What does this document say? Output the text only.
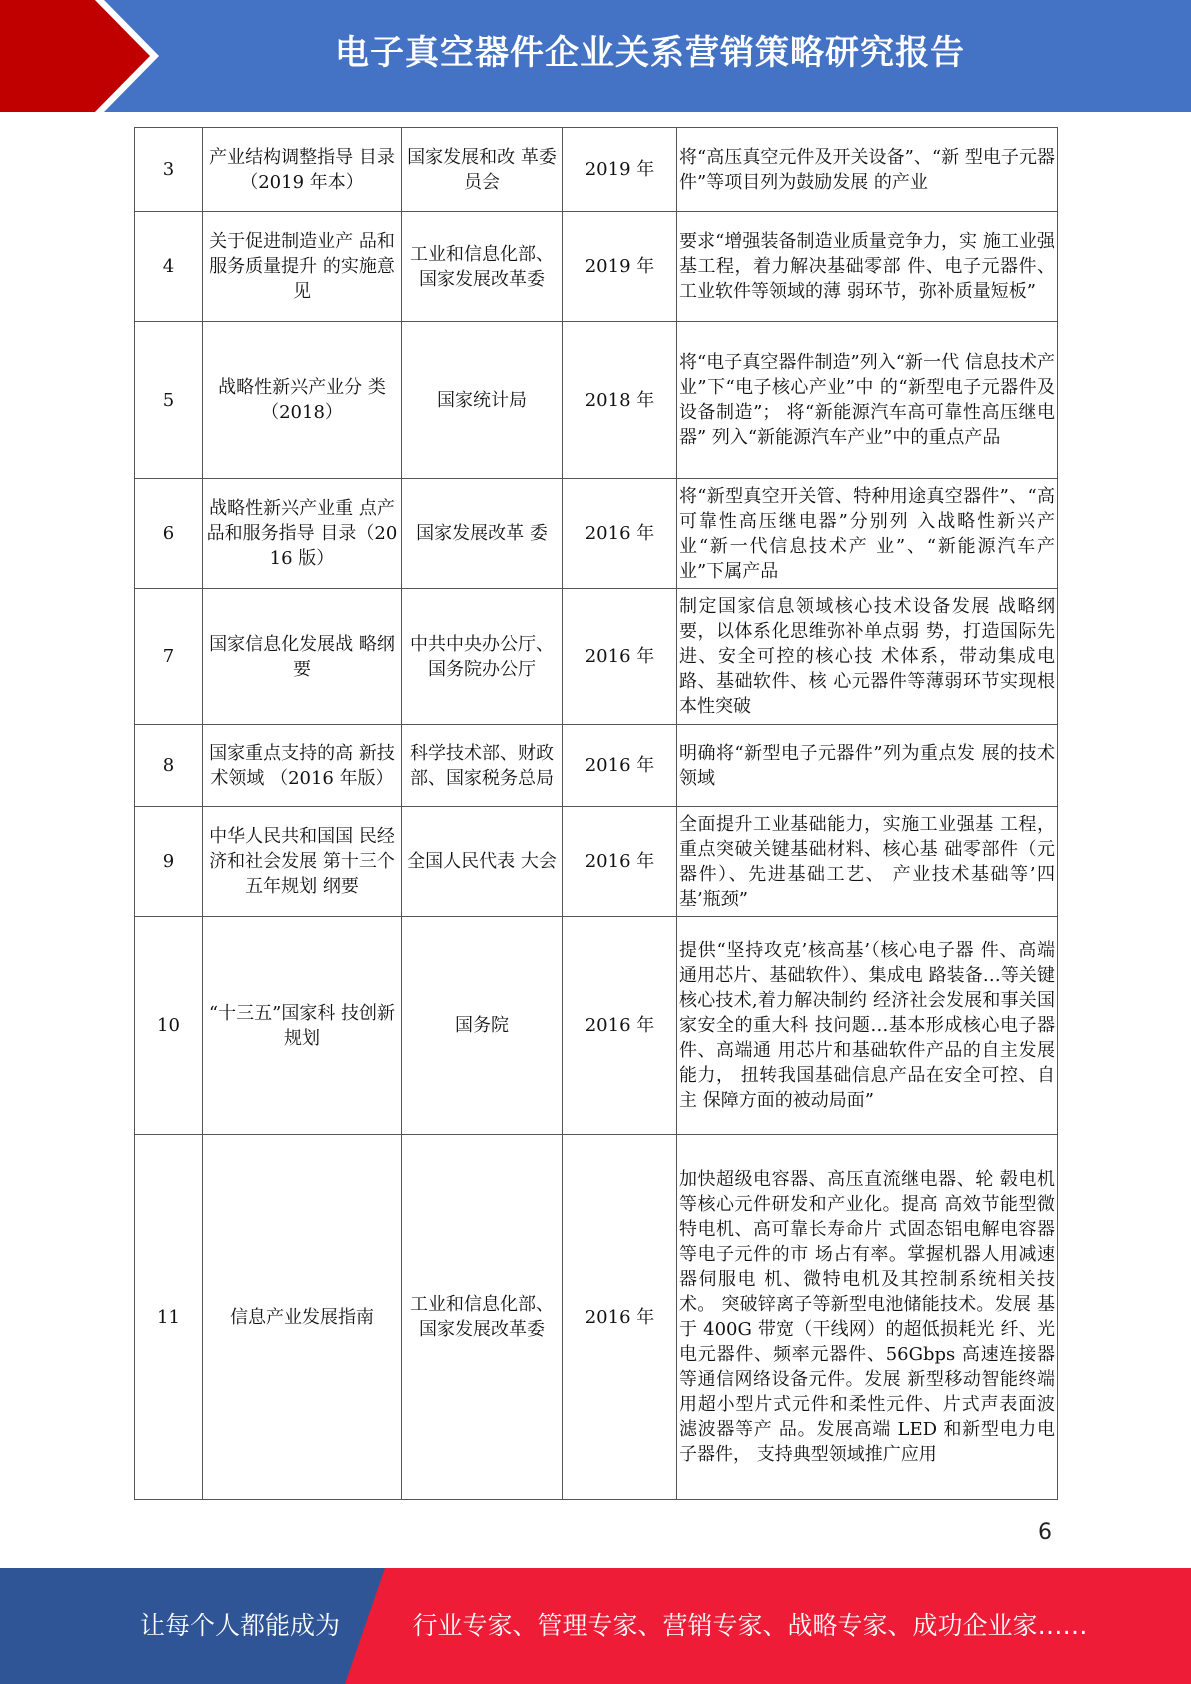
电子真空器件企业关系营销策略研究报告
3	产业结构调整指导 目录
（2019 年本）	国家发展和改 革委员会	2019 年	将“高压真空元件及开关设备”、“新 型电子元器件”等项目列为鼓励发展 的产业
4	关于促进制造业产 品和服务质量提升 的实施意见	工业和信息化部、国家发展改革委	2019 年	要求“增强装备制造业质量竞争力，实 施工业强基工程，着力解决基础零部 件、电子元器件、工业软件等领域的薄 弱环节，弥补质量短板”
5	战略性新兴产业分 类（2018）	国家统计局	2018 年	将“电子真空器件制造”列入“新一代 信息技术产业”下“电子核心产业”中 的“新型电子元器件及设备制造”； 将“新能源汽车高可靠性高压继电器” 列入“新能源汽车产业”中的重点产品
6	战略性新兴产业重 点产品和服务指导 目录（2016 版）	国家发展改革 委	2016 年	将“新型真空开关管、特种用途真空器件”、“高可靠性高压继电器”分别列 入战略性新兴产业“新一代信息技术产 业”、“新能源汽车产业”下属产品
7	国家信息化发展战 略纲要	中共中央办公厅、国务院办公厅	2016 年	制定国家信息领域核心技术设备发展 战略纲要，以体系化思维弥补单点弱 势，打造国际先进、安全可控的核心技 术体系，带动集成电路、基础软件、核 心元器件等薄弱环节实现根本性突破
8	国家重点支持的高 新技术领域 （2016 年版）	科学技术部、财政部、国家税务总局	2016 年	明确将“新型电子元器件”列为重点发 展的技术领域
9	中华人民共和国国 民经济和社会发展 第十三个五年规划 纲要	全国人民代表 大会	2016 年	全面提升工业基础能力，实施工业强基 工程，重点突破关键基础材料、核心基 础零部件（元器件）、先进基础工艺、 产业技术基础等’四基’瓶颈”
10	“十三五”国家科 技创新规划	国务院	2016 年	提供“坚持攻克’核高基’（核心电子器 件、高端通用芯片、基础软件）、集成电 路装备…等关键核心技术,着力解决制约 经济社会发展和事关国家安全的重大科 技问题…基本形成核心电子器件、高端通 用芯片和基础软件产品的自主发展能力， 扭转我国基础信息产品在安全可控、自主 保障方面的被动局面”
11	信息产业发展指南	工业和信息化部、国家发展改革委	2016 年	加快超级电容器、高压直流继电器、轮 毂电机等核心元件研发和产业化。提高 高效节能型微特电机、高可靠长寿命片 式固态铝电解电容器等电子元件的市 场占有率。掌握机器人用减速器伺服电 机、微特电机及其控制系统相关技术。 突破锌离子等新型电池储能技术。发展 基于 400G 带宽（干线网）的超低损耗光 纤、光电元器件、频率元器件、56Gbps 高速连接器等通信网络设备元件。发展 新型移动智能终端用超小型片式元件和柔性元件、片式声表面波滤波器等产 品。发展高端 LED 和新型电力电子器件， 支持典型领域推广应用
6
让每个人都能成为	行业专家、管理专家、营销专家、战略专家、成功企业家……
